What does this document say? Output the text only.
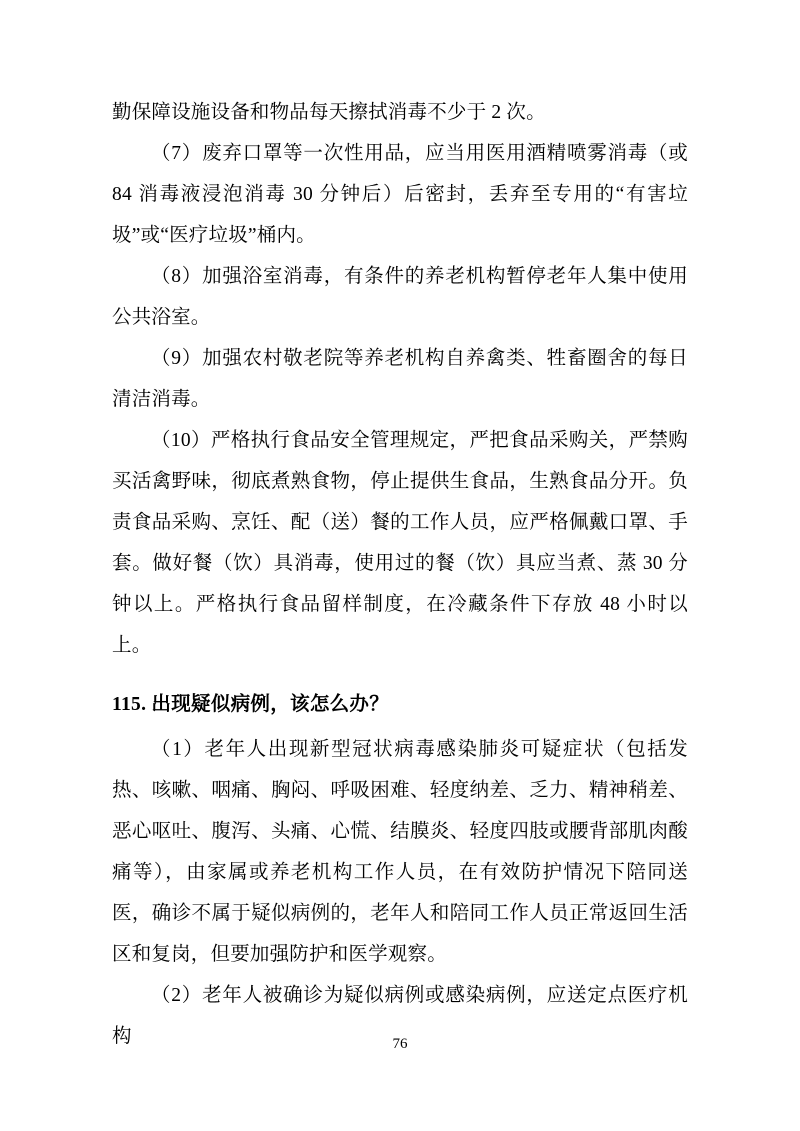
勤保障设施设备和物品每天擦拭消毒不少于 2 次。

（7）废弃口罩等一次性用品，应当用医用酒精喷雾消毒（或 84 消毒液浸泡消毒 30 分钟后）后密封，丢弃至专用的“有害垃圾”或“医疗垃圾”桶内。

（8）加强浴室消毒，有条件的养老机构暂停老年人集中使用公共浴室。

（9）加强农村敬老院等养老机构自养禽类、牲畜圈舍的每日清洁消毒。

（10）严格执行食品安全管理规定，严把食品采购关，严禁购买活禽野味，彻底煮熟食物，停止提供生食品，生熟食品分开。负责食品采购、烹饪、配（送）餐的工作人员，应严格佩戴口罩、手套。做好餐（饮）具消毒，使用过的餐（饮）具应当煮、蒸 30 分钟以上。严格执行食品留样制度，在冷藏条件下存放 48 小时以上。

115. 出现疑似病例，该怎么办？

（1）老年人出现新型冠状病毒感染肺炎可疑症状（包括发热、咳嗽、咽痛、胸闷、呼吸困难、轻度纳差、乏力、精神稍差、恶心呕吐、腹泻、头痛、心慌、结膜炎、轻度四肢或腰背部肌肉酸痛等），由家属或养老机构工作人员，在有效防护情况下陪同送医，确诊不属于疑似病例的，老年人和陪同工作人员正常返回生活区和复岗，但要加强防护和医学观察。

（2）老年人被确诊为疑似病例或感染病例，应送定点医疗机构	76
